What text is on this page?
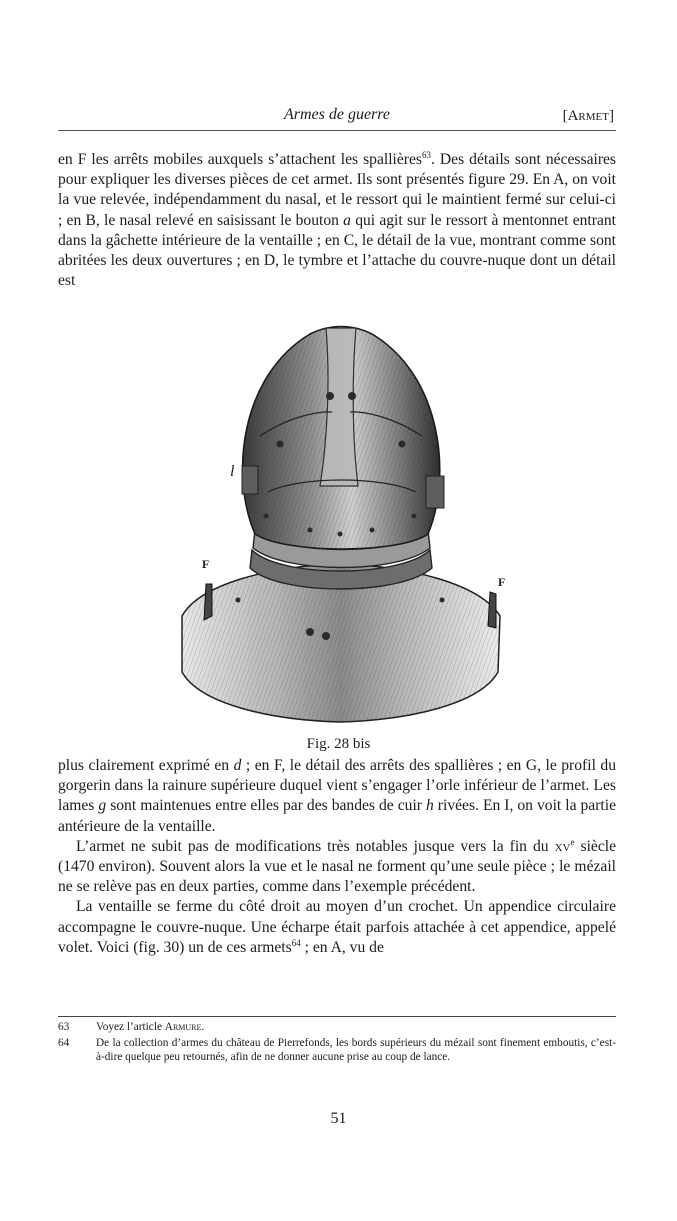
Armes de guerre	[Armet]

en F les arrêts mobiles auxquels s’attachent les spallières$^{63}$. Des détails sont nécessaires pour expliquer les diverses pièces de cet armet. Ils sont présentés figure 29. En A, on voit la vue relevée, indépendamment du nasal, et le ressort qui le maintient fermé sur celui-ci ; en B, le nasal relevé en saisissant le bouton a qui agit sur le ressort à mentonnet entrant dans la gâchette intérieure de la ventaille ; en C, le détail de la vue, montrant comme sont abritées les deux ouvertures ; en D, le tymbre et l’attache du couvre-nuque dont un détail est

l
F
F
Fig. 28 bis

plus clairement exprimé en d ; en F, le détail des arrêts des spallières ; en G, le profil du gorgerin dans la rainure supérieure duquel vient s’engager l’orle inférieur de l’armet. Les lames g sont maintenues entre elles par des bandes de cuir h rivées. En I, on voit la partie antérieure de la ventaille.

L’armet ne subit pas de modifications très notables jusque vers la fin du $xv^e$ siècle (1470 environ). Souvent alors la vue et le nasal ne forment qu’une seule pièce ; le mézail ne se relève pas en deux parties, comme dans l’exemple précédent.

La ventaille se ferme du côté droit au moyen d’un crochet. Un appendice circulaire accompagne le couvre-nuque. Une écharpe était parfois attachée à cet appendice, appelé volet. Voici (fig. 30) un de ces armets$^{64}$ ; en A, vu de

63 Voyez l’article Armure.
64 De la collection d’armes du château de Pierrefonds, les bords supérieurs du mézail sont finement emboutis, c’est-à-dire quelque peu retournés, afin de ne donner aucune prise au coup de lance.
51
